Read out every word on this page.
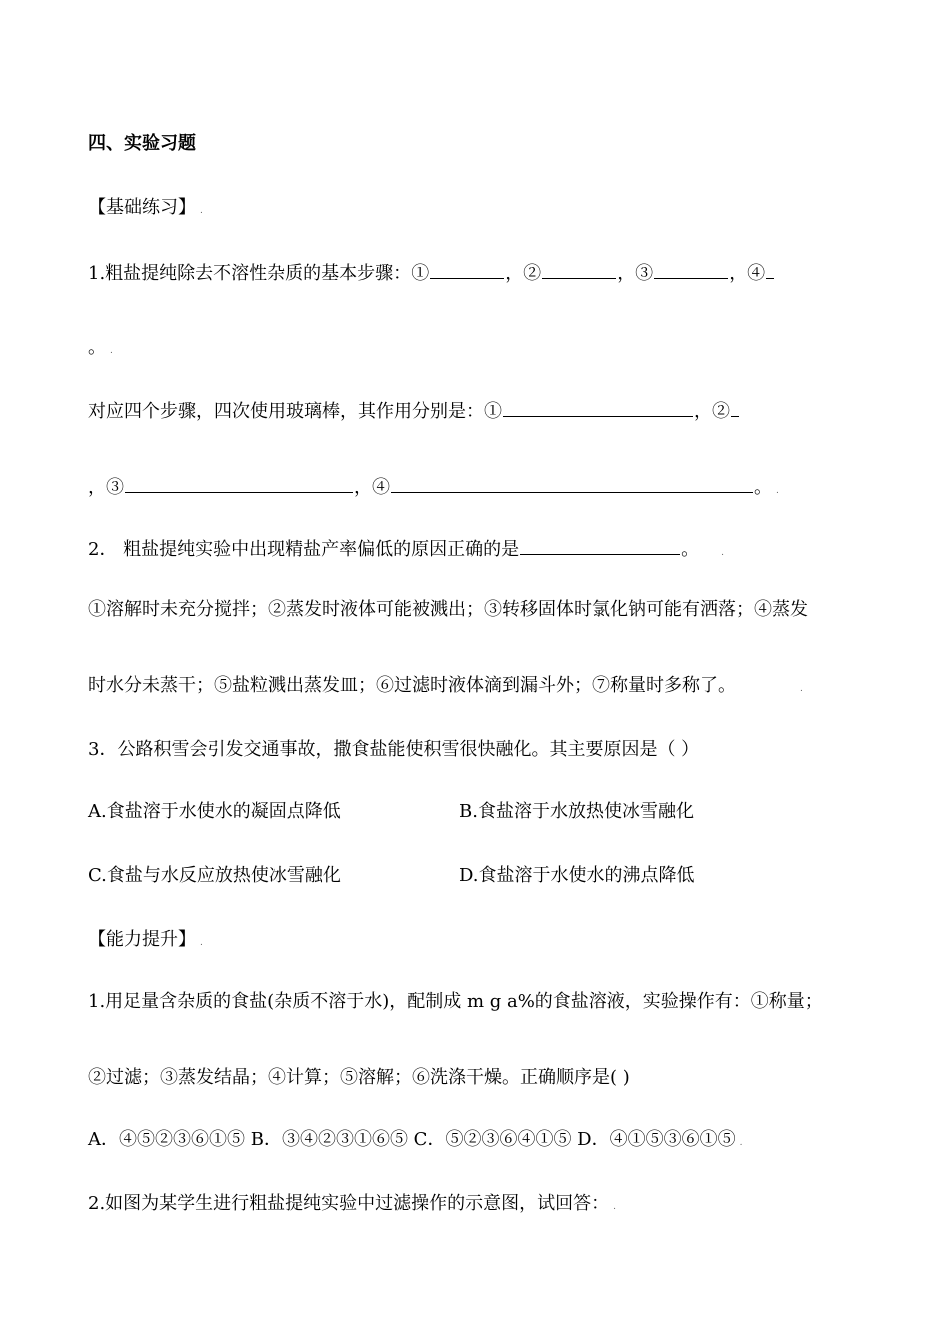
四、实验习题
【基础练习】 .
1.粗盐提纯除去不溶性杂质的基本步骤：①	，②	，③	，④
。 .
对应四个步骤，四次使用玻璃棒，其作用分别是：①	，②
，③	，④	。 .
2． 粗盐提纯实验中出现精盐产率偏低的原因正确的是	。 .
①溶解时未充分搅拌；②蒸发时液体可能被溅出；③转移固体时氯化钠可能有洒落；④蒸发
时水分未蒸干；⑤盐粒溅出蒸发皿；⑥过滤时液体滴到漏斗外；⑦称量时多称了。	.
3．公路积雪会引发交通事故，撒食盐能使积雪很快融化。其主要原因是（ ）
A.食盐溶于水使水的凝固点降低	B.食盐溶于水放热使冰雪融化
C.食盐与水反应放热使冰雪融化	D.食盐溶于水使水的沸点降低
【能力提升】 .
1.用足量含杂质的食盐(杂质不溶于水)，配制成 m g a%的食盐溶液，实验操作有：①称量；
②过滤；③蒸发结晶；④计算；⑤溶解；⑥洗涤干燥。正确顺序是( )
A．④⑤②③⑥①⑤ B．③④②③①⑥⑤ C．⑤②③⑥④①⑤ D．④①⑤③⑥①⑤ .
2.如图为某学生进行粗盐提纯实验中过滤操作的示意图，试回答： .
